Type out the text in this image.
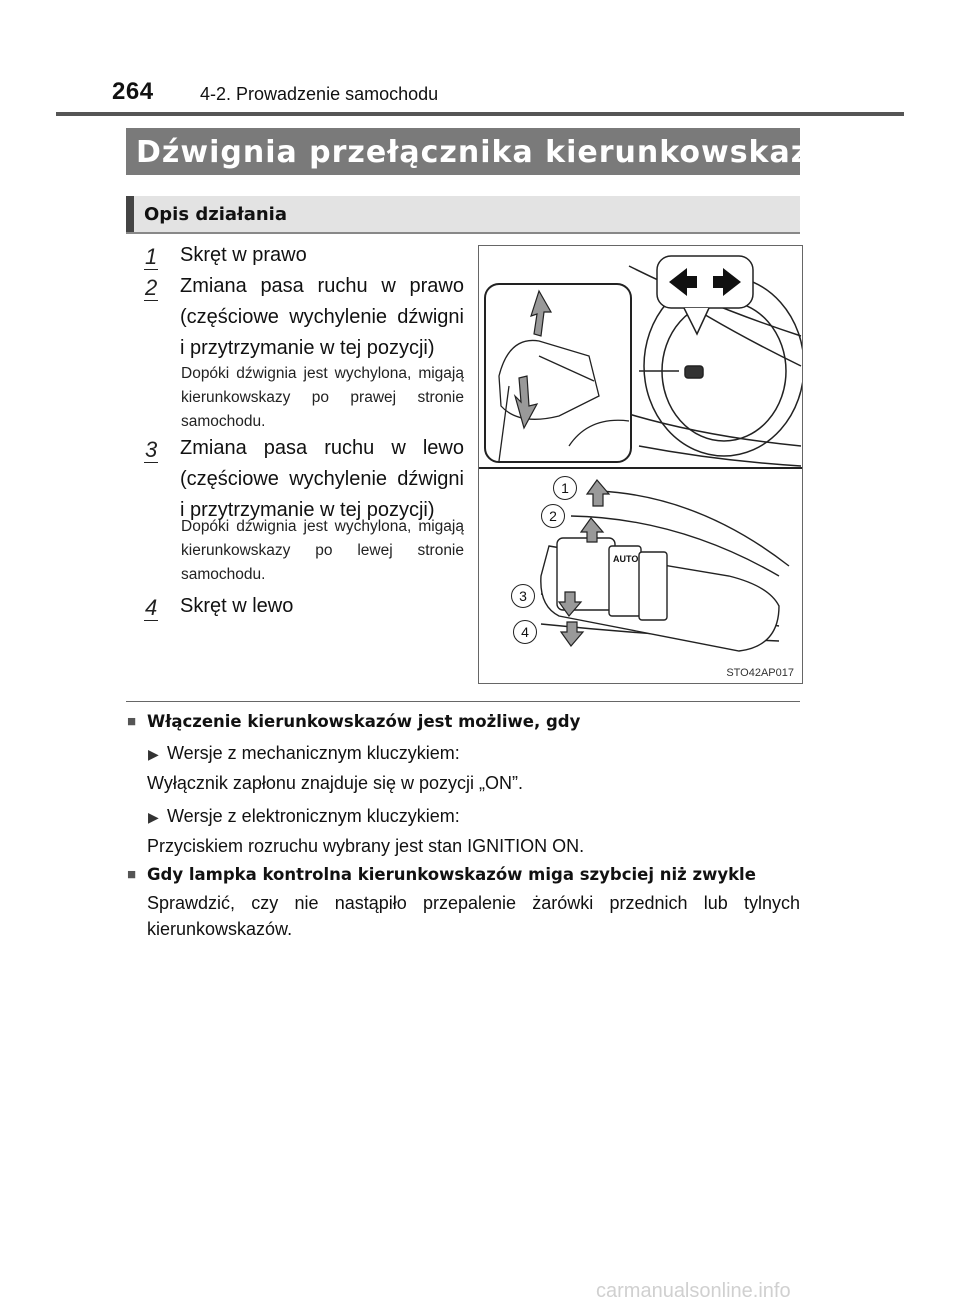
264	4-2. Prowadzenie samochodu
Dźwignia przełącznika kierunkowskazów
Opis działania
1 Skręt w prawo
2 Zmiana pasa ruchu w prawo (częściowe wychylenie dźwigni i przytrzymanie w tej pozycji)
Dopóki dźwignia jest wychylona, migają kierunkowskazy po prawej stronie samochodu.
3 Zmiana pasa ruchu w lewo (częściowe wychylenie dźwigni i przytrzymanie w tej pozycji)
Dopóki dźwignia jest wychylona, migają kierunkowskazy po lewej stronie samochodu.
4 Skręt w lewo
AUTO
1
2
3
4
STO42AP017
■ Włączenie kierunkowskazów jest możliwe, gdy
▶ Wersje z mechanicznym kluczykiem:
Wyłącznik zapłonu znajduje się w pozycji „ON”.
▶ Wersje z elektronicznym kluczykiem:
Przyciskiem rozruchu wybrany jest stan IGNITION ON.
■ Gdy lampka kontrolna kierunkowskazów miga szybciej niż zwykle
Sprawdzić, czy nie nastąpiło przepalenie żarówki przednich lub tylnych kierunkowskazów.
carmanualsonline.info
